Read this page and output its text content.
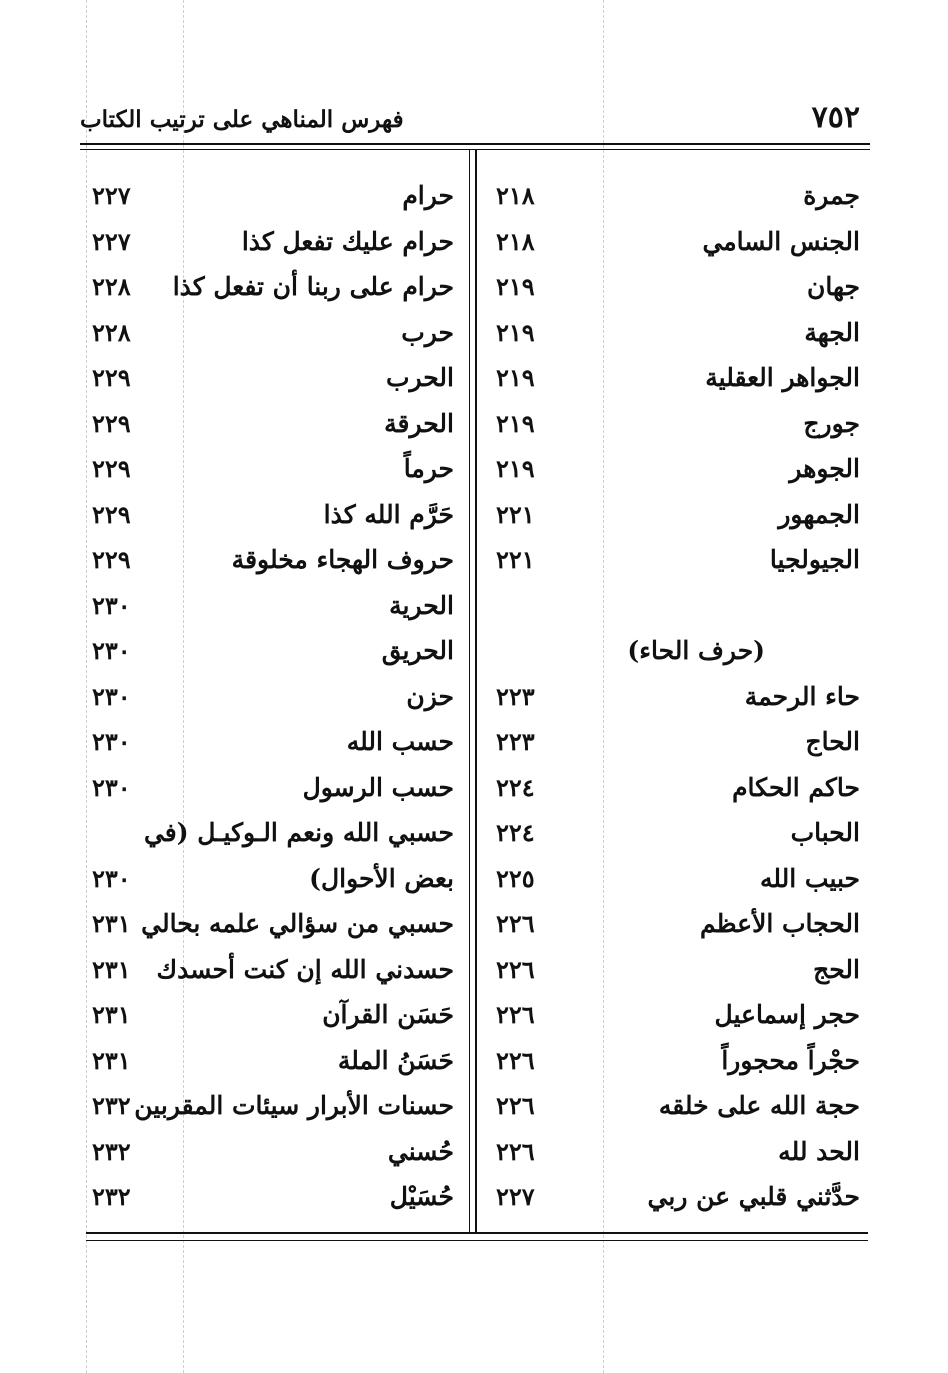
٧٥٢
فهرس المناهي على ترتيب الكتاب
جمرة
٢١٨
الجنس السامي
٢١٨
جهان
٢١٩
الجهة
٢١٩
الجواهر العقلية
٢١٩
جورج
٢١٩
الجوهر
٢١٩
الجمهور
٢٢١
الجيولجيا
٢٢١
(حرف الحاء)
حاء الرحمة
٢٢٣
الحاج
٢٢٣
حاكم الحكام
٢٢٤
الحباب
٢٢٤
حبيب الله
٢٢٥
الحجاب الأعظم
٢٢٦
الحج
٢٢٦
حجر إسماعيل
٢٢٦
حجْراً محجوراً
٢٢٦
حجة الله على خلقه
٢٢٦
الحد لله
٢٢٦
حدَّثني قلبي عن ربي
٢٢٧
حرام
٢٢٧
حرام عليك تفعل كذا
٢٢٧
حرام على ربنا أن تفعل كذا
٢٢٨
حرب
٢٢٨
الحرب
٢٢٩
الحرقة
٢٢٩
حرماً
٢٢٩
حَرَّم الله كذا
٢٢٩
حروف الهجاء مخلوقة
٢٢٩
الحرية
٢٣٠
الحريق
٢٣٠
حزن
٢٣٠
حسب الله
٢٣٠
حسب الرسول
٢٣٠
حسبي الله ونعم الـوكيـل (في
بعض الأحوال)
٢٣٠
حسبي من سؤالي علمه بحالي
٢٣١
حسدني الله إن كنت أحسدك
٢٣١
حَسَن القرآن
٢٣١
حَسَنُ الملة
٢٣١
حسنات الأبرار سيئات المقربين
٢٣٢
حُسني
٢٣٢
حُسَيْل
٢٣٢
